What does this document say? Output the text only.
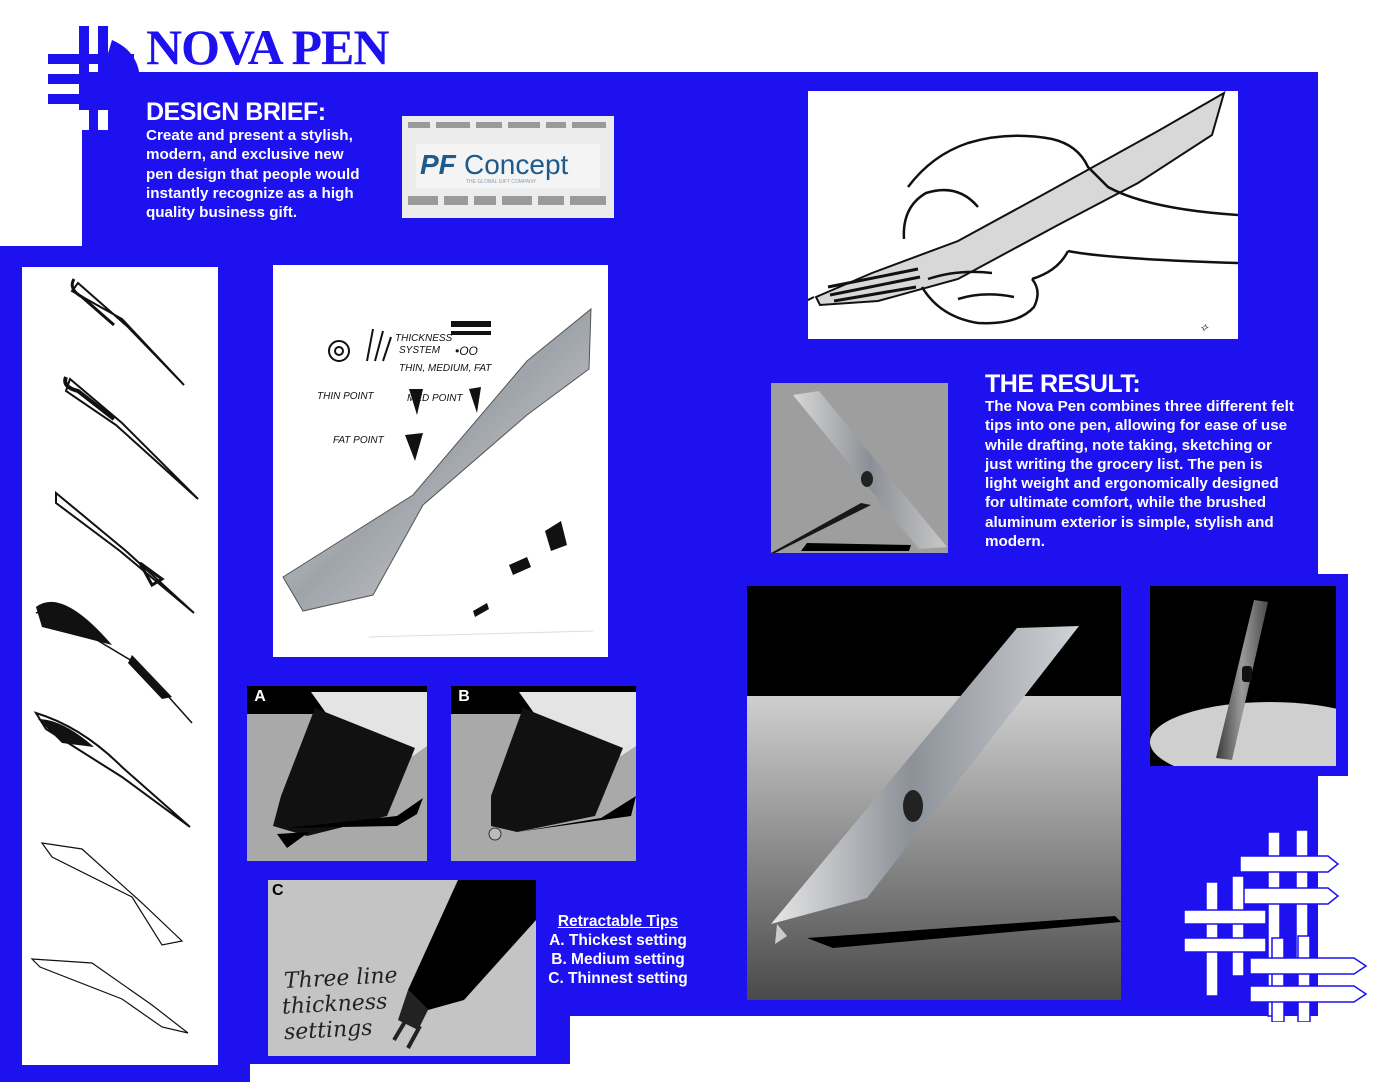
NOVA PEN
DESIGN BRIEF:
Create and present a stylish, modern, and exclusive new pen design that people would instantly recognize as a high quality business gift.
PF Concept
THE GLOBAL GIFT COMPANY
⟡
THICKNESS
SYSTEM •OO
THIN, MEDIUM, FAT
THIN POINT	MED POINT
FAT POINT
A	B
C
Three line
thickness
settings
Retractable Tips
A. Thickest setting
B. Medium setting
C. Thinnest setting
THE RESULT:
The Nova Pen combines three different felt tips into one pen, allowing for ease of use while drafting, note taking, sketching or just writing the grocery list. The pen is light weight and ergonomically designed for ultimate comfort, while the brushed aluminum exterior is simple, stylish and modern.
